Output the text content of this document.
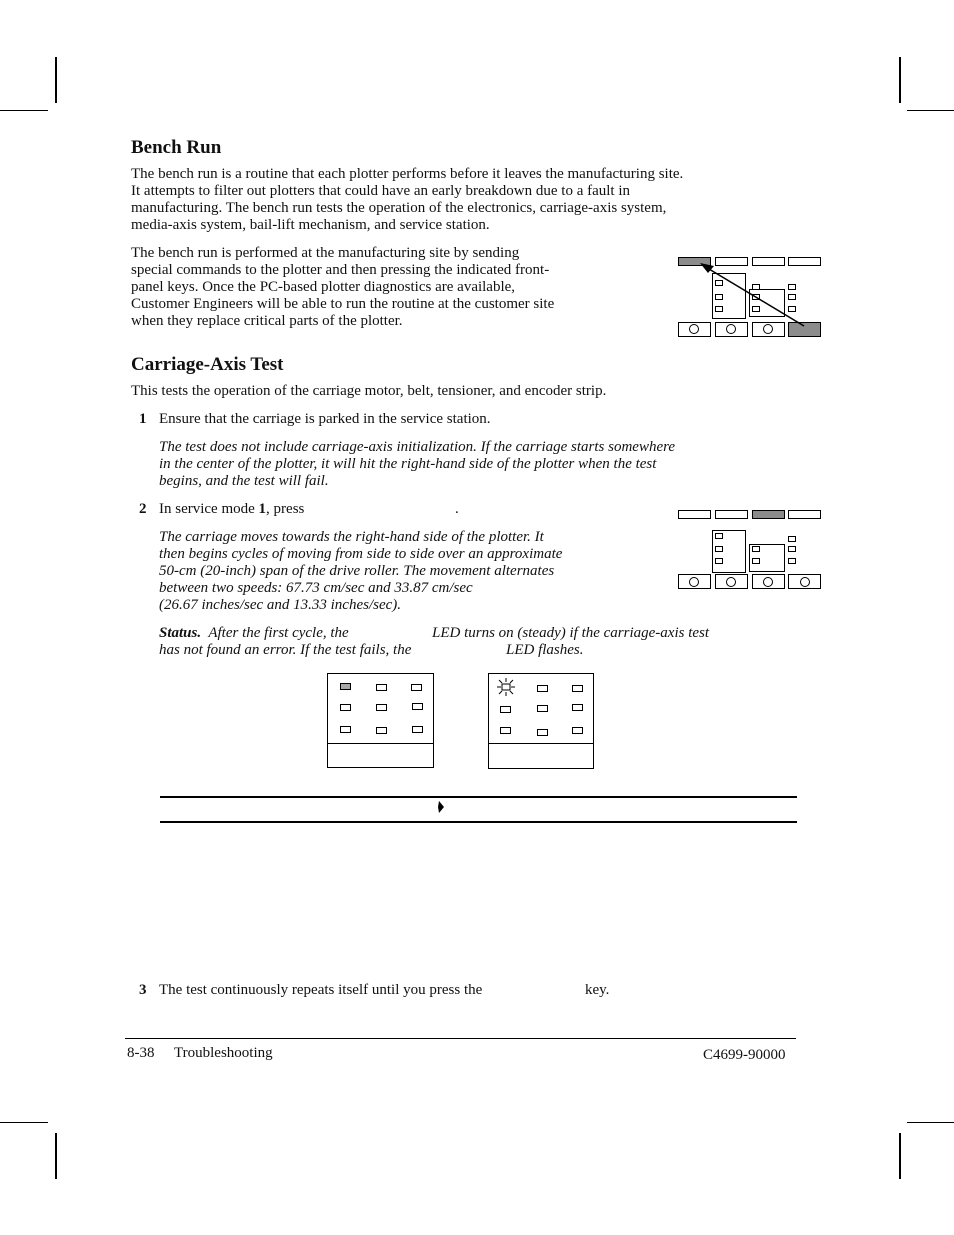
Bench Run
The bench run is a routine that each plotter performs before it leaves the manufacturing site.
It attempts to filter out plotters that could have an early breakdown due to a fault in
manufacturing. The bench run tests the operation of the electronics, carriage-axis system,
media-axis system, bail-lift mechanism, and service station.
The bench run is performed at the manufacturing site by sending
special commands to the plotter and then pressing the indicated front-
panel keys. Once the PC-based plotter diagnostics are available,
Customer Engineers will be able to run the routine at the customer site
when they replace critical parts of the plotter.
Carriage-Axis Test
This tests the operation of the carriage motor, belt, tensioner, and encoder strip.
1 Ensure that the carriage is parked in the service station.
The test does not include carriage-axis initialization. If the carriage starts somewhere
in the center of the plotter, it will hit the right-hand side of the plotter when the test
begins, and the test will fail.
2 In service mode 1, press	.
The carriage moves towards the right-hand side of the plotter. It
then begins cycles of moving from side to side over an approximate
50-cm (20-inch) span of the drive roller. The movement alternates
between two speeds: 67.73 cm/sec and 33.87 cm/sec
(26.67 inches/sec and 13.33 inches/sec).
Status.  After the first cycle, the	LED turns on (steady) if the carriage-axis test
has not found an error. If the test fails, the	LED flashes.
3 The test continuously repeats itself until you press the	key.
8-38 Troubleshooting	C4699-90000
